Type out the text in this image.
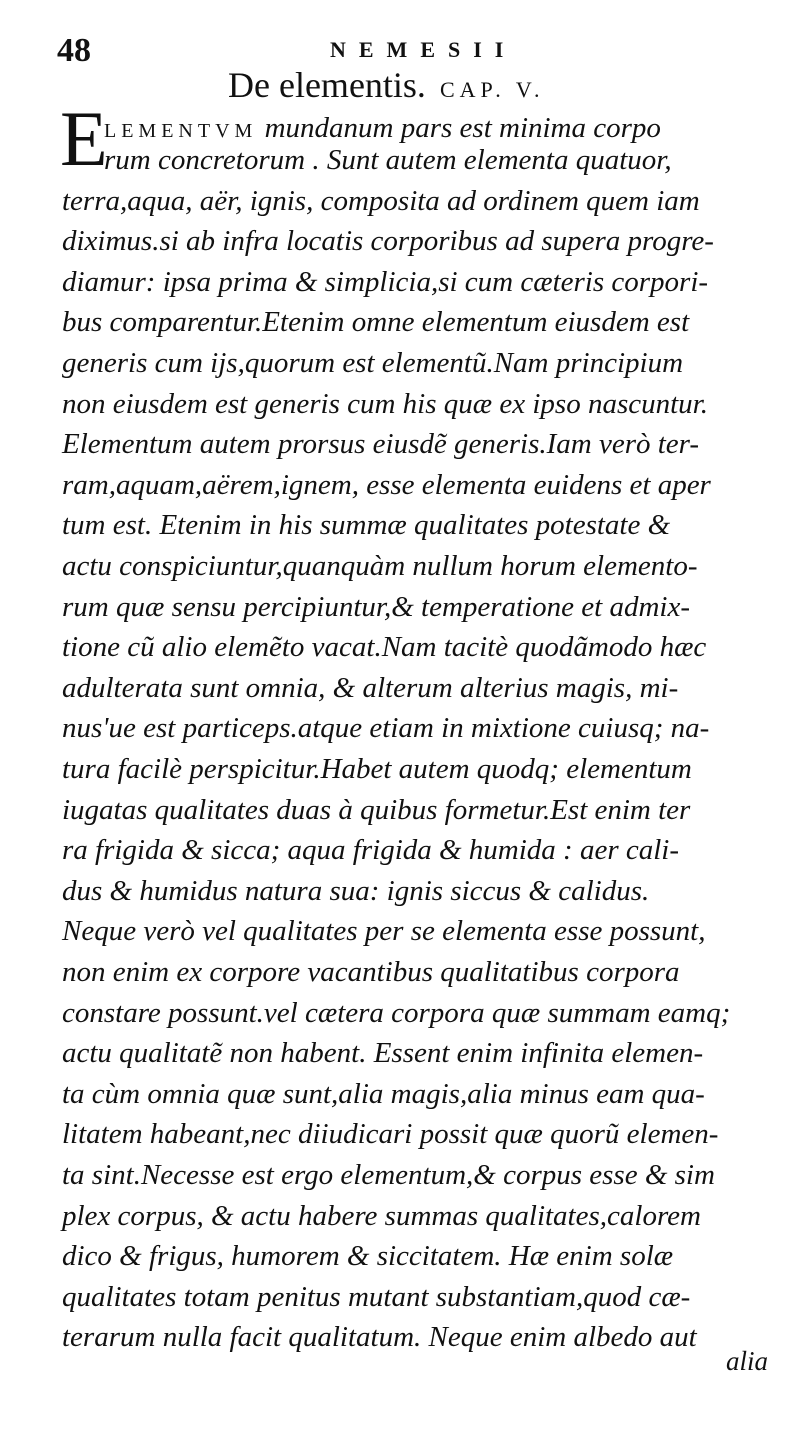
48	NEMESII
De elementis. CAP. V.
E
LEMENTVM mundanum pars est minima corpo
rum concretorum . Sunt autem elementa quatuor,
terra,aqua, aër, ignis, composita ad ordinem quem iam
diximus.si ab infra locatis corporibus ad supera progre-
diamur: ipsa prima & simplicia,si cum cæteris corpori-
bus comparentur.Etenim omne elementum eiusdem est
generis cum ijs,quorum est elementũ.Nam principium
non eiusdem est generis cum his quæ ex ipso nascuntur.
Elementum autem prorsus eiusdẽ generis.Iam verò ter-
ram,aquam,aërem,ignem, esse elementa euidens et aper
tum est. Etenim in his summæ qualitates potestate &
actu conspiciuntur,quanquàm nullum horum elemento-
rum quæ sensu percipiuntur,& temperatione et admix-
tione cũ alio elemẽto vacat.Nam tacitè quodãmodo hæc
adulterata sunt omnia, & alterum alterius magis, mi-
nus'ue est particeps.atque etiam in mixtione cuiusq; na-
tura facilè perspicitur.Habet autem quodq; elementum
iugatas qualitates duas à quibus formetur.Est enim ter
ra frigida & sicca; aqua frigida & humida : aer cali-
dus & humidus natura sua: ignis siccus & calidus.
Neque verò vel qualitates per se elementa esse possunt,
non enim ex corpore vacantibus qualitatibus corpora
constare possunt.vel cætera corpora quæ summam eamq;
actu qualitatẽ non habent. Essent enim infinita elemen-
ta cùm omnia quæ sunt,alia magis,alia minus eam qua-
litatem habeant,nec diiudicari possit quæ quorũ elemen-
ta sint.Necesse est ergo elementum,& corpus esse & sim
plex corpus, & actu habere summas qualitates,calorem
dico & frigus, humorem & siccitatem. Hæ enim solæ
qualitates totam penitus mutant substantiam,quod cæ-
terarum nulla facit qualitatum. Neque enim albedo aut
alia
